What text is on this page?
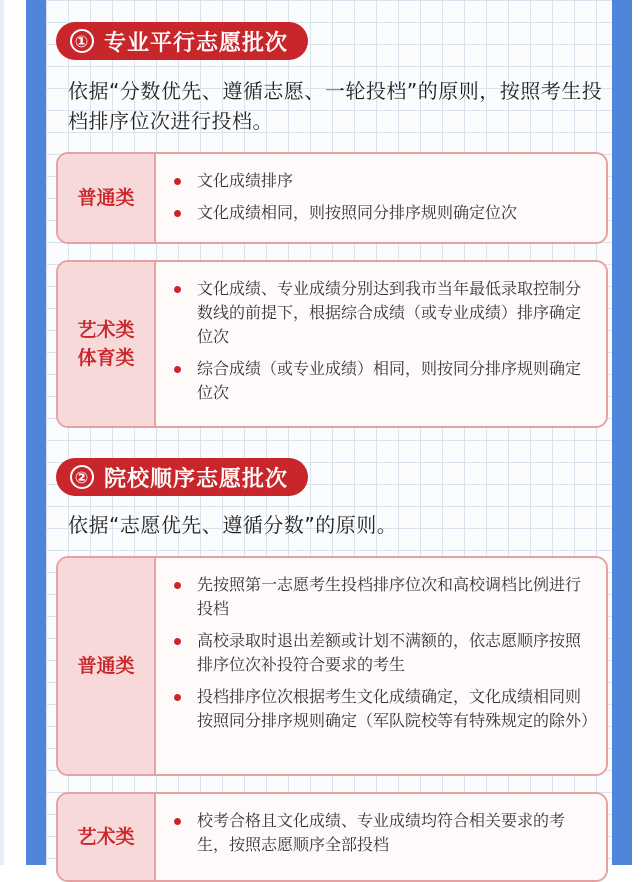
① 专业平行志愿批次
依据“分数优先、遵循志愿、一轮投档”的原则，按照考生投档排序位次进行投档。
普通类
文化成绩排序
文化成绩相同，则按照同分排序规则确定位次
艺术类
体育类
文化成绩、专业成绩分别达到我市当年最低录取控制分数线的前提下，根据综合成绩（或专业成绩）排序确定位次
综合成绩（或专业成绩）相同，则按同分排序规则确定位次
② 院校顺序志愿批次
依据“志愿优先、遵循分数”的原则。
普通类
先按照第一志愿考生投档排序位次和高校调档比例进行投档
高校录取时退出差额或计划不满额的，依志愿顺序按照排序位次补投符合要求的考生
投档排序位次根据考生文化成绩确定，文化成绩相同则按照同分排序规则确定（军队院校等有特殊规定的除外）
艺术类
校考合格且文化成绩、专业成绩均符合相关要求的考生，按照志愿顺序全部投档
